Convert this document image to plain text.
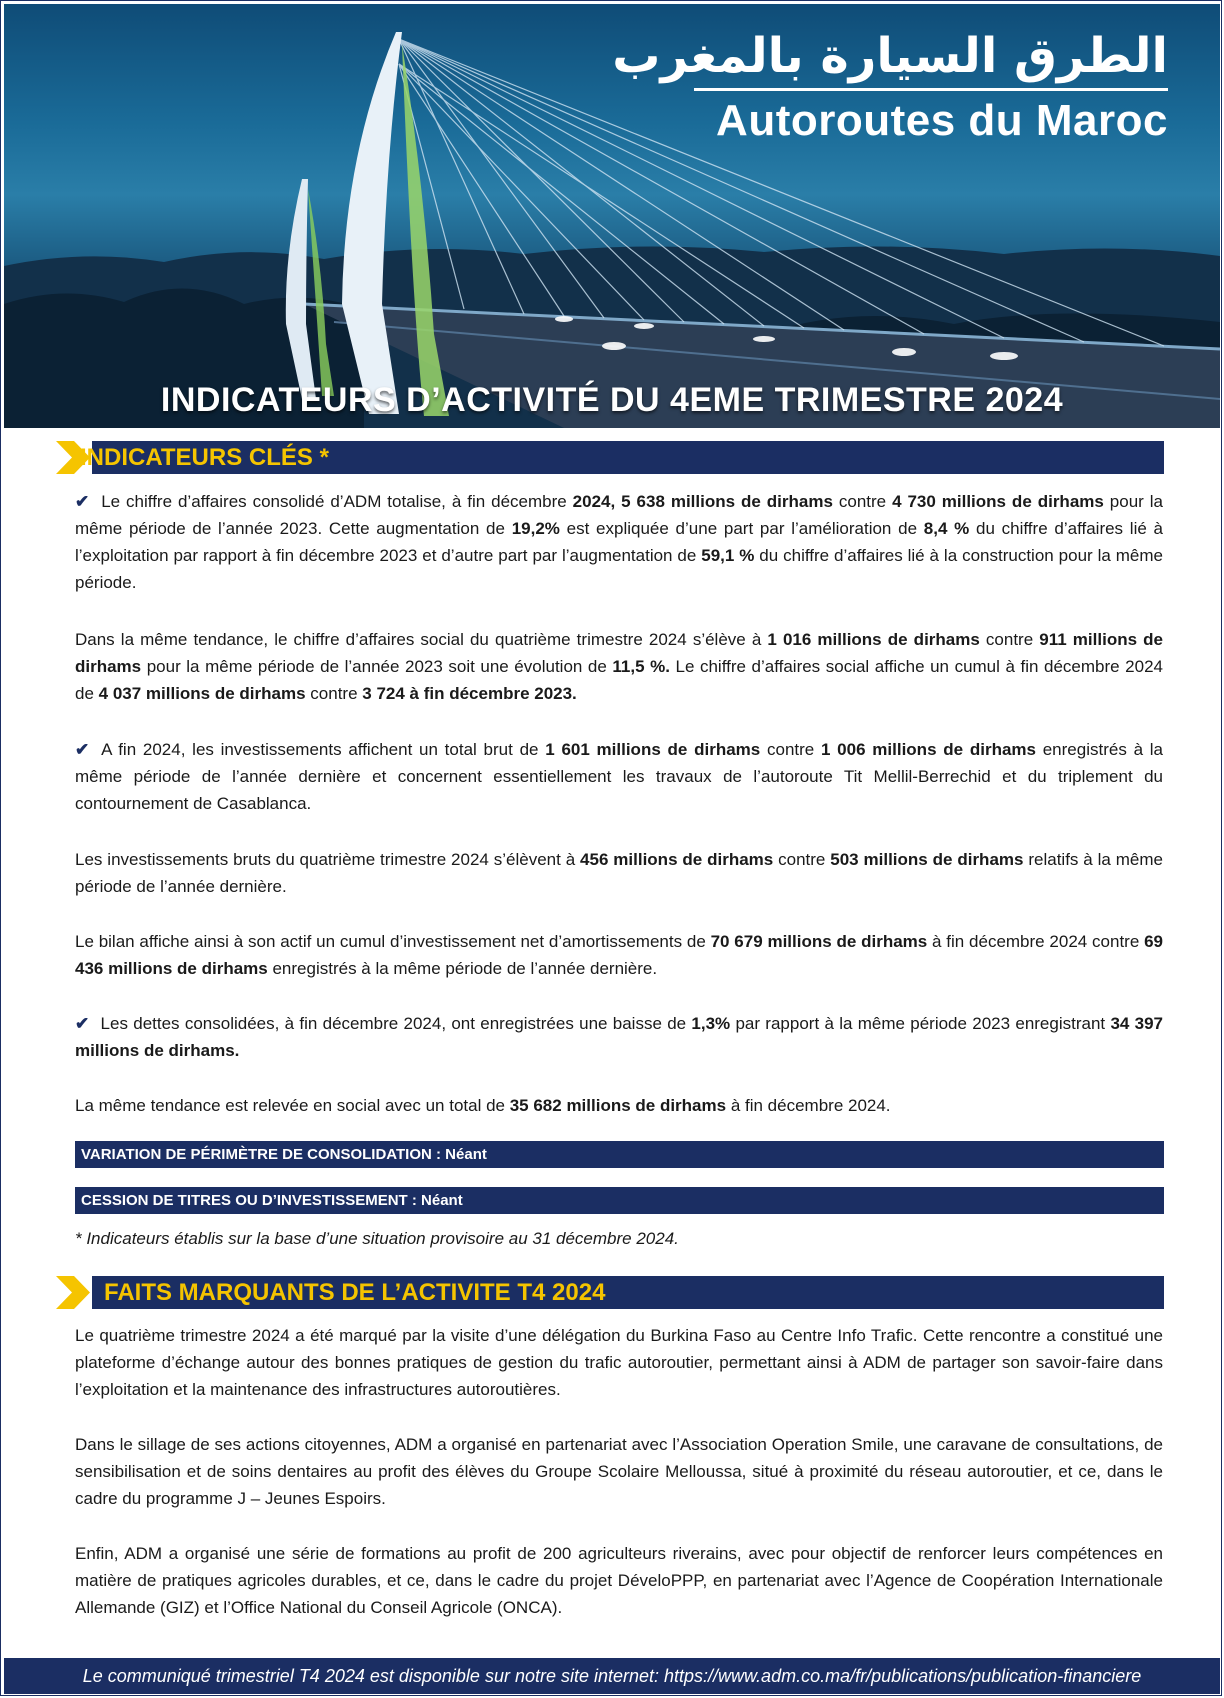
الطرق السيارة بالمغرب
Autoroutes du Maroc
INDICATEURS D’ACTIVITÉ DU 4EME TRIMESTRE 2024
INDICATEURS CLÉS *

✔ Le chiffre d’affaires consolidé d’ADM totalise, à fin décembre 2024, 5 638 millions de dirhams contre 4 730 millions de dirhams pour la même période de l’année 2023. Cette augmentation de 19,2% est expliquée d’une part par l’amélioration de 8,4 % du chiffre d’affaires lié à l’exploitation par rapport à fin décembre 2023 et d’autre part par l’augmentation de 59,1 % du chiffre d’affaires lié à la construction pour la même période.

Dans la même tendance, le chiffre d’affaires social du quatrième trimestre 2024 s’élève à 1 016 millions de dirhams contre 911 millions de dirhams pour la même période de l’année 2023 soit une évolution de 11,5 %. Le chiffre d’affaires social affiche un cumul à fin décembre 2024 de 4 037 millions de dirhams contre 3 724 à fin décembre 2023.

✔ A fin 2024, les investissements affichent un total brut de 1 601 millions de dirhams contre 1 006 millions de dirhams enregistrés à la même période de l’année dernière et concernent essentiellement les travaux de l’autoroute Tit Mellil-Berrechid et du triplement du contournement de Casablanca.

Les investissements bruts du quatrième trimestre 2024 s’élèvent à 456 millions de dirhams contre 503 millions de dirhams relatifs à la même période de l’année dernière.

Le bilan affiche ainsi à son actif un cumul d’investissement net d’amortissements de 70 679 millions de dirhams à fin décembre 2024 contre 69 436 millions de dirhams enregistrés à la même période de l’année dernière.

✔ Les dettes consolidées, à fin décembre 2024, ont enregistrées une baisse de 1,3% par rapport à la même période 2023 enregistrant 34 397 millions de dirhams.

La même tendance est relevée en social avec un total de 35 682 millions de dirhams à fin décembre 2024.

VARIATION DE PÉRIMÈTRE DE CONSOLIDATION : Néant
CESSION DE TITRES OU D’INVESTISSEMENT : Néant
* Indicateurs établis sur la base d’une situation provisoire au 31 décembre 2024.
FAITS MARQUANTS DE L’ACTIVITE T4 2024

Le quatrième trimestre 2024 a été marqué par la visite d’une délégation du Burkina Faso au Centre Info Trafic. Cette rencontre a constitué une plateforme d’échange autour des bonnes pratiques de gestion du trafic autoroutier, permettant ainsi à ADM de partager son savoir-faire dans l’exploitation et la maintenance des infrastructures autoroutières.

Dans le sillage de ses actions citoyennes, ADM a organisé en partenariat avec l’Association Operation Smile, une caravane de consultations, de sensibilisation et de soins dentaires au profit des élèves du Groupe Scolaire Melloussa, situé à proximité du réseau autoroutier, et ce, dans le cadre du programme J – Jeunes Espoirs.

Enfin, ADM a organisé une série de formations au profit de 200 agriculteurs riverains, avec pour objectif de renforcer leurs compétences en matière de pratiques agricoles durables, et ce, dans le cadre du projet DéveloPPP, en partenariat avec l’Agence de Coopération Internationale Allemande (GIZ) et l’Office National du Conseil Agricole (ONCA).

Le communiqué trimestriel T4 2024 est disponible sur notre site internet: https://www.adm.co.ma/fr/publications/publication-financiere
